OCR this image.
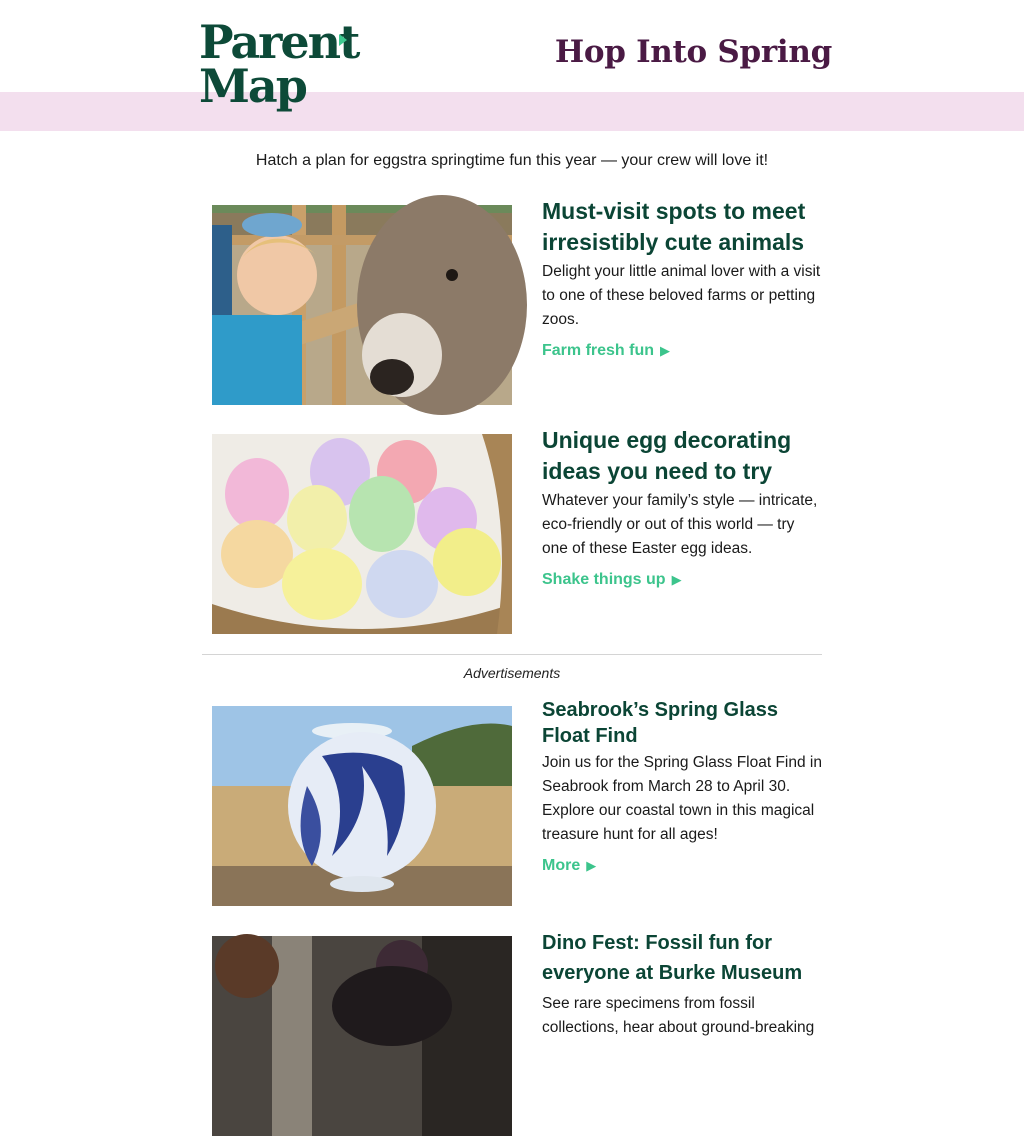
Parent
Map
Hop Into Spring
Hatch a plan for eggstra springtime fun this year — your crew will love it!
Must-visit spots to meet irresistibly cute animals

Delight your little animal lover with a visit to one of these beloved farms or petting zoos.

Farm fresh fun ▶
Unique egg decorating ideas you need to try

Whatever your family’s style — intricate, eco-friendly or out of this world — try one of these Easter egg ideas.

Shake things up ▶
Advertisements
Seabrook’s Spring Glass Float Find

Join us for the Spring Glass Float Find in Seabrook from March 28 to April 30. Explore our coastal town in this magical treasure hunt for all ages!

More ▶
Dino Fest: Fossil fun for everyone at Burke Museum

See rare specimens from fossil collections, hear about ground-breaking
